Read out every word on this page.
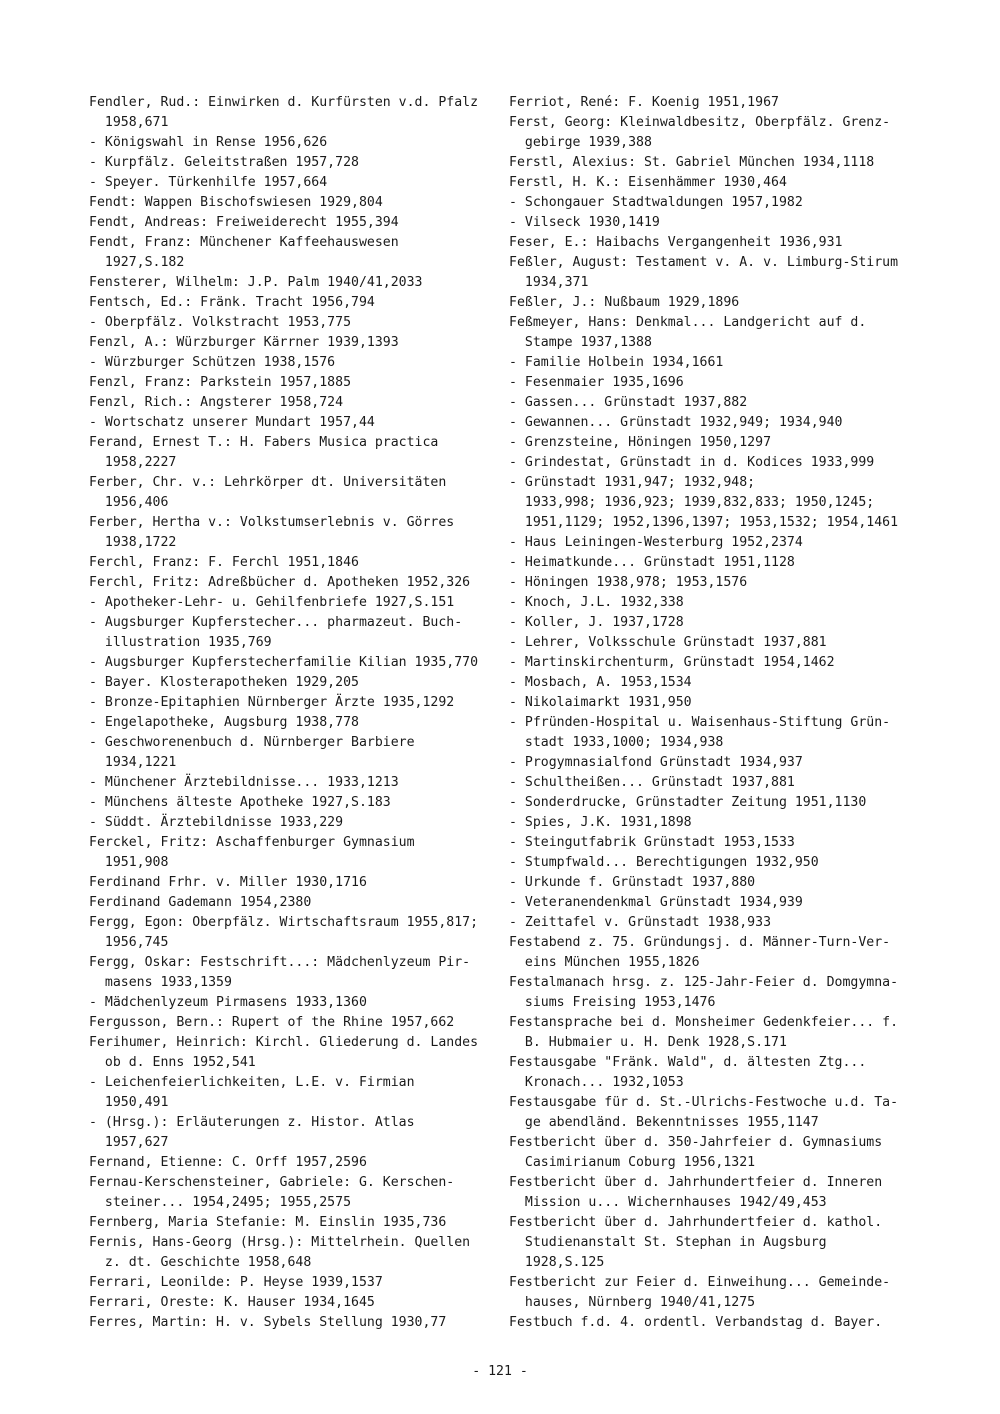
Fendler, Rud.: Einwirken d. Kurfürsten v.d. Pfalz
1958,671
- Königswahl in Rense 1956,626
- Kurpfälz. Geleitstraßen 1957,728
- Speyer. Türkenhilfe 1957,664
Fendt: Wappen Bischofswiesen 1929,804
Fendt, Andreas: Freiweiderecht 1955,394
Fendt, Franz: Münchener Kaffeehauswesen
1927,S.182
Fensterer, Wilhelm: J.P. Palm 1940/41,2033
Fentsch, Ed.: Fränk. Tracht 1956,794
- Oberpfälz. Volkstracht 1953,775
Fenzl, A.: Würzburger Kärrner 1939,1393
- Würzburger Schützen 1938,1576
Fenzl, Franz: Parkstein 1957,1885
Fenzl, Rich.: Angsterer 1958,724
- Wortschatz unserer Mundart 1957,44
Ferand, Ernest T.: H. Fabers Musica practica
1958,2227
Ferber, Chr. v.: Lehrkörper dt. Universitäten
1956,406
Ferber, Hertha v.: Volkstumserlebnis v. Görres
1938,1722
Ferchl, Franz: F. Ferchl 1951,1846
Ferchl, Fritz: Adreßbücher d. Apotheken 1952,326
- Apotheker-Lehr- u. Gehilfenbriefe 1927,S.151
- Augsburger Kupferstecher... pharmazeut. Buch-
illustration 1935,769
- Augsburger Kupferstecherfamilie Kilian 1935,770
- Bayer. Klosterapotheken 1929,205
- Bronze-Epitaphien Nürnberger Ärzte 1935,1292
- Engelapotheke, Augsburg 1938,778
- Geschworenenbuch d. Nürnberger Barbiere
1934,1221
- Münchener Ärztebildnisse... 1933,1213
- Münchens älteste Apotheke 1927,S.183
- Süddt. Ärztebildnisse 1933,229
Ferckel, Fritz: Aschaffenburger Gymnasium
1951,908
Ferdinand Frhr. v. Miller 1930,1716
Ferdinand Gademann 1954,2380
Fergg, Egon: Oberpfälz. Wirtschaftsraum 1955,817;
1956,745
Fergg, Oskar: Festschrift...: Mädchenlyzeum Pir-
masens 1933,1359
- Mädchenlyzeum Pirmasens 1933,1360
Fergusson, Bern.: Rupert of the Rhine 1957,662
Ferihumer, Heinrich: Kirchl. Gliederung d. Landes
ob d. Enns 1952,541
- Leichenfeierlichkeiten, L.E. v. Firmian
1950,491
- (Hrsg.): Erläuterungen z. Histor. Atlas
1957,627
Fernand, Etienne: C. Orff 1957,2596
Fernau-Kerschensteiner, Gabriele: G. Kerschen-
steiner... 1954,2495; 1955,2575
Fernberg, Maria Stefanie: M. Einslin 1935,736
Fernis, Hans-Georg (Hrsg.): Mittelrhein. Quellen
z. dt. Geschichte 1958,648
Ferrari, Leonilde: P. Heyse 1939,1537
Ferrari, Oreste: K. Hauser 1934,1645
Ferres, Martin: H. v. Sybels Stellung 1930,77
Ferriot, René: F. Koenig 1951,1967
Ferst, Georg: Kleinwaldbesitz, Oberpfälz. Grenz-
gebirge 1939,388
Ferstl, Alexius: St. Gabriel München 1934,1118
Ferstl, H. K.: Eisenhämmer 1930,464
- Schongauer Stadtwaldungen 1957,1982
- Vilseck 1930,1419
Feser, E.: Haibachs Vergangenheit 1936,931
Feßler, August: Testament v. A. v. Limburg-Stirum
1934,371
Feßler, J.: Nußbaum 1929,1896
Feßmeyer, Hans: Denkmal... Landgericht auf d.
Stampe 1937,1388
- Familie Holbein 1934,1661
- Fesenmaier 1935,1696
- Gassen... Grünstadt 1937,882
- Gewannen... Grünstadt 1932,949; 1934,940
- Grenzsteine, Höningen 1950,1297
- Grindestat, Grünstadt in d. Kodices 1933,999
- Grünstadt 1931,947; 1932,948;
1933,998; 1936,923; 1939,832,833; 1950,1245;
1951,1129; 1952,1396,1397; 1953,1532; 1954,1461
- Haus Leiningen-Westerburg 1952,2374
- Heimatkunde... Grünstadt 1951,1128
- Höningen 1938,978; 1953,1576
- Knoch, J.L. 1932,338
- Koller, J. 1937,1728
- Lehrer, Volksschule Grünstadt 1937,881
- Martinskirchenturm, Grünstadt 1954,1462
- Mosbach, A. 1953,1534
- Nikolaimarkt 1931,950
- Pfründen-Hospital u. Waisenhaus-Stiftung Grün-
stadt 1933,1000; 1934,938
- Progymnasialfond Grünstadt 1934,937
- Schultheißen... Grünstadt 1937,881
- Sonderdrucke, Grünstadter Zeitung 1951,1130
- Spies, J.K. 1931,1898
- Steingutfabrik Grünstadt 1953,1533
- Stumpfwald... Berechtigungen 1932,950
- Urkunde f. Grünstadt 1937,880
- Veteranendenkmal Grünstadt 1934,939
- Zeittafel v. Grünstadt 1938,933
Festabend z. 75. Gründungsj. d. Männer-Turn-Ver-
eins München 1955,1826
Festalmanach hrsg. z. 125-Jahr-Feier d. Domgymna-
siums Freising 1953,1476
Festansprache bei d. Monsheimer Gedenkfeier... f.
B. Hubmaier u. H. Denk 1928,S.171
Festausgabe "Fränk. Wald", d. ältesten Ztg...
Kronach... 1932,1053
Festausgabe für d. St.-Ulrichs-Festwoche u.d. Ta-
ge abendländ. Bekenntnisses 1955,1147
Festbericht über d. 350-Jahrfeier d. Gymnasiums
Casimirianum Coburg 1956,1321
Festbericht über d. Jahrhundertfeier d. Inneren
Mission u... Wichernhauses 1942/49,453
Festbericht über d. Jahrhundertfeier d. kathol.
Studienanstalt St. Stephan in Augsburg
1928,S.125
Festbericht zur Feier d. Einweihung... Gemeinde-
hauses, Nürnberg 1940/41,1275
Festbuch f.d. 4. ordentl. Verbandstag d. Bayer.
- 121 -
